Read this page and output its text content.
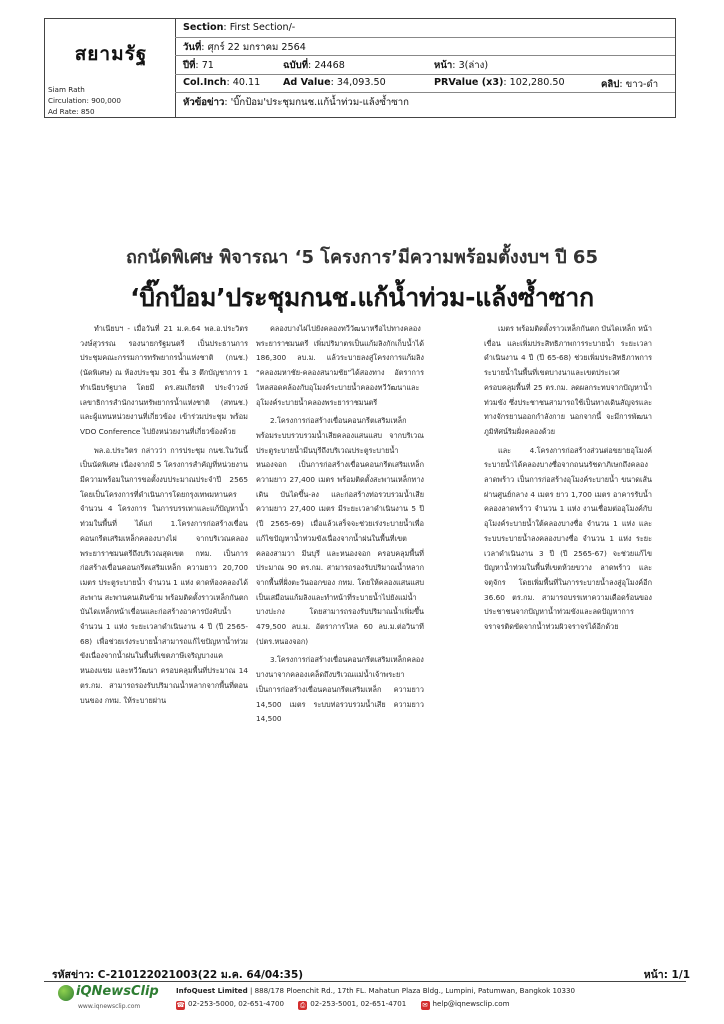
สยามรัฐ
Siam Rath
Circulation: 900,000
Ad Rate: 850
Section: First Section/-
วันที่: ศุกร์ 22 มกราคม 2564
ปีที่: 71	ฉบับที่: 24468	หน้า: 3(ล่าง)
Col.Inch: 40.11 Ad Value: 34,093.50	PRValue (x3): 102,280.50	คลิป: ขาว-ดำ
หัวข้อข่าว: 'บิ๊กป้อม'ประชุมกนช.แก้น้ำท่วม-แล้งซ้ำซาก
ถกนัดพิเศษ พิจารณา ‘5 โครงการ’มีความพร้อมตั้งงบฯ ปี 65
‘บิ๊กป้อม’ประชุมกนช.แก้น้ำท่วม-แล้งซ้ำซาก

ทำเนียบฯ - เมื่อวันที่ 21 ม.ค.64 พล.อ.ประวิตร วงษ์สุวรรณ รองนายกรัฐมนตรี เป็นประธานการประชุมคณะกรรมการทรัพยากรน้ำแห่งชาติ (กนช.) (นัดพิเศษ) ณ ห้องประชุม 301 ชั้น 3 ตึกบัญชาการ 1 ทำเนียบรัฐบาล โดยมี ดร.สมเกียรติ ประจำวงษ์ เลขาธิการสำนักงานทรัพยากรน้ำแห่งชาติ (สทนช.) และผู้แทนหน่วยงานที่เกี่ยวข้อง เข้าร่วมประชุม พร้อม VDO Conference ไปยังหน่วยงานที่เกี่ยวข้องด้วย

พล.อ.ประวิตร กล่าวว่า การประชุม กนช.ในวันนี้เป็นนัดพิเศษ เนื่องจากมี 5 โครงการสำคัญที่หน่วยงานมีความพร้อมในการขอตั้งงบประมาณประจำปี 2565 โดยเป็นโครงการที่ดำเนินการโดยกรุงเทพมหานคร จำนวน 4 โครงการ ในการบรรเทาและแก้ปัญหาน้ำท่วมในพื้นที่ ได้แก่ 1.โครงการก่อสร้างเขื่อนคอนกรีตเสริมเหล็กคลองบางไผ่ จากบริเวณคลองพระยาราชมนตรีถึงบริเวณสุดเขต กทม. เป็นการก่อสร้างเขื่อนคอนกรีตเสริมเหล็ก ความยาว 20,700 เมตร ประตูระบายน้ำ จำนวน 1 แห่ง ดาดท้องคลองได้สะพาน สะพานคนเดินข้าม พร้อมติดตั้งราวเหล็กกันตกบันไดเหล็กหน้าเขื่อนและก่อสร้างอาคารบังคับน้ำ จำนวน 1 แห่ง ระยะเวลาดำเนินงาน 4 ปี (ปี 2565-68) เพื่อช่วยเร่งระบายน้ำสามารถแก้ไขปัญหาน้ำท่วมขังเนื่องจากน้ำฝนในพื้นที่เขตภาษีเจริญบางแคหนองแขม และทวีวัฒนา ครอบคลุมพื้นที่ประมาณ 14 ตร.กม. สามารถรองรับปริมาณน้ำหลากจากพื้นที่ตอนบนของ กทม. ให้ระบายผ่าน

คลองบางไผ่ไปยังคลองทวีวัฒนาหรือไปทางคลองพระยาราชมนตรี เพิ่มปริมาตรเป็นแก้มลิงกักเก็บน้ำได้ 186,300 ลบ.ม. แล้วระบายลงสู่โครงการแก้มลิง “คลองมหาชัย-คลองสนามชัย”ได้สองทาง อัตราการไหลสอดคล้องกับอุโมงค์ระบายน้ำคลองทวีวัฒนาและอุโมงค์ระบายน้ำคลองพระยาราชมนตรี

2.โครงการก่อสร้างเขื่อนคอนกรีตเสริมเหล็กพร้อมระบบรวบรวมน้ำเสียคลองแสนแสบ จากบริเวณประตูระบายน้ำมีนบุรีถึงบริเวณประตูระบายน้ำหนองจอก เป็นการก่อสร้างเขื่อนคอนกรีตเสริมเหล็ก ความยาว 27,400 เมตร พร้อมติดตั้งสะพานเหล็กทางเดิน บันไดขึ้น-ลง และก่อสร้างท่อรวบรวมน้ำเสีย ความยาว 27,400 เมตร มีระยะเวลาดำเนินงาน 5 ปี (ปี 2565-69) เมื่อแล้วเสร็จจะช่วยเร่งระบายน้ำเพื่อแก้ไขปัญหาน้ำท่วมขังเนื่องจากน้ำฝนในพื้นที่เขตคลองสามวา มีนบุรี และหนองจอก ครอบคลุมพื้นที่ประมาณ 90 ตร.กม. สามารถรองรับปริมาณน้ำหลากจากพื้นที่ฝั่งตะวันออกของ กทม. โดยให้คลองแสนแสบเป็นเสมือนแก้มลิงและทำหน้าที่ระบายน้ำไปยังแม่น้ำบางปะกง โดยสามารถรองรับปริมาณน้ำเพิ่มขึ้น 479,500 ลบ.ม. อัตราการไหล 60 ลบ.ม.ต่อวินาที (ปตร.หนองจอก)

3.โครงการก่อสร้างเขื่อนคอนกรีตเสริมเหล็กคลองบางนาจากคลองเคล็ดถึงบริเวณแม่น้ำเจ้าพระยา เป็นการก่อสร้างเขื่อนคอนกรีตเสริมเหล็ก ความยาว 14,500 เมตร ระบบท่อรวบรวมน้ำเสีย ความยาว 14,500

เมตร พร้อมติดตั้งราวเหล็กกันตก บันไดเหล็ก หน้าเขื่อน และเพิ่มประสิทธิภาพการระบายน้ำ ระยะเวลาดำเนินงาน 4 ปี (ปี 65-68) ช่วยเพิ่มประสิทธิภาพการระบายน้ำในพื้นที่เขตบางนาและเขตประเวศ ครอบคลุมพื้นที่ 25 ตร.กม. ลดผลกระทบจากปัญหาน้ำท่วมขัง ซึ่งประชาชนสามารถใช้เป็นทางเดินสัญจรและทางจักรยานออกกำลังกาย นอกจากนี้ จะมีการพัฒนาภูมิทัศน์ริมฝั่งคลองด้วย

และ 4.โครงการก่อสร้างส่วนต่อขยายอุโมงค์ระบายน้ำได้คลองบางซื่อจากถนนรัชดาภิเษกถึงคลองลาดพร้าว เป็นการก่อสร้างอุโมงค์ระบายน้ำ ขนาดเส้นผ่านศูนย์กลาง 4 เมตร ยาว 1,700 เมตร อาคารรับน้ำคลองลาดพร้าว จำนวน 1 แห่ง งานเชื่อมต่ออุโมงค์กับอุโมงค์ระบายน้ำใต้คลองบางซื่อ จำนวน 1 แห่ง และระบบระบายน้ำลงคลองบางซื่อ จำนวน 1 แห่ง ระยะเวลาดำเนินงาน 3 ปี (ปี 2565-67) จะช่วยแก้ไขปัญหาน้ำท่วมในพื้นที่เขตห้วยขวาง ลาดพร้าว และจตุจักร โดยเพิ่มพื้นที่ในการระบายน้ำลงสู่อุโมงค์อีก 36.60 ตร.กม. สามารถบรรเทาความเดือดร้อนของประชาชนจากปัญหาน้ำท่วมขังและลดปัญหาการจราจรติดขัดจากน้ำท่วมผิวจราจรได้อีกด้วย

รหัสข่าว: C-210122021003(22 ม.ค. 64/04:35)	หน้า: 1/1
iQNewsClip
www.iqnewsclip.com
InfoQuest Limited | 888/178 Ploenchit Rd., 17th FL. Mahatun Plaza Bldg., Lumpini, Patumwan, Bangkok 10330
☎ 02-253-5000, 02-651-4700 ⎙ 02-253-5001, 02-651-4701 ✉ help@iqnewsclip.com
